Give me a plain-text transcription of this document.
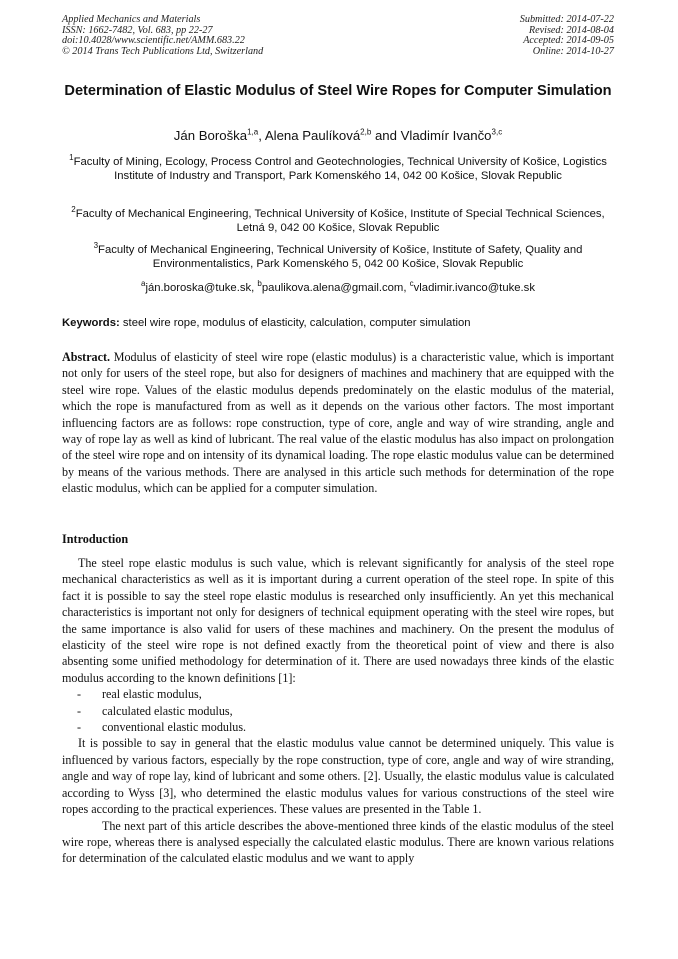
Applied Mechanics and Materials
ISSN: 1662-7482, Vol. 683, pp 22-27
doi:10.4028/www.scientific.net/AMM.683.22
© 2014 Trans Tech Publications Ltd, Switzerland
Submitted: 2014-07-22
Revised: 2014-08-04
Accepted: 2014-09-05
Online: 2014-10-27
Determination of Elastic Modulus of Steel Wire Ropes for Computer Simulation
Ján Boroška$^{1,a}$, Alena Paulíková$^{2,b}$ and Vladimír Ivančo$^{3,c}$
$^1$Faculty of Mining, Ecology, Process Control and Geotechnologies, Technical University of Košice, Logistics Institute of Industry and Transport, Park Komenského 14, 042 00 Košice, Slovak Republic
$^2$Faculty of Mechanical Engineering, Technical University of Košice, Institute of Special Technical Sciences, Letná 9, 042 00 Košice, Slovak Republic
$^3$Faculty of Mechanical Engineering, Technical University of Košice, Institute of Safety, Quality and Environmentalistics, Park Komenského 5, 042 00 Košice, Slovak Republic
$^a$ján.boroska@tuke.sk, $^b$paulikova.alena@gmail.com, $^c$vladimir.ivanco@tuke.sk
Keywords: steel wire rope, modulus of elasticity, calculation, computer simulation
Abstract. Modulus of elasticity of steel wire rope (elastic modulus) is a characteristic value, which is important not only for users of the steel rope, but also for designers of machines and machinery that are equipped with the steel wire rope. Values of the elastic modulus depends predominately on the elastic modulus of the material, which the rope is manufactured from as well as it depends on the various other factors. The most important influencing factors are as follows: rope construction, type of core, angle and way of wire stranding, angle and way of rope lay as well as kind of lubricant. The real value of the elastic modulus has also impact on prolongation of the steel wire rope and on intensity of its dynamical loading. The rope elastic modulus value can be determined by means of the various methods. There are analysed in this article such methods for determination of the rope elastic modulus, which can be applied for a computer simulation.
Introduction

The steel rope elastic modulus is such value, which is relevant significantly for analysis of the steel rope mechanical characteristics as well as it is important during a current operation of the steel rope. In spite of this fact it is possible to say the steel rope elastic modulus is researched only insufficiently. An yet this mechanical characteristics is important not only for designers of technical equipment operating with the steel wire ropes, but the same importance is also valid for users of these machines and machinery. On the present the modulus of elasticity of the steel wire rope is not defined exactly from the theoretical point of view and there is also absenting some unified methodology for determination of it. There are used nowadays three kinds of the elastic modulus according to the known definitions [1]:

- real elastic modulus,
- calculated elastic modulus,
- conventional elastic modulus.

It is possible to say in general that the elastic modulus value cannot be determined uniquely. This value is influenced by various factors, especially by the rope construction, type of core, angle and way of wire stranding, angle and way of rope lay, kind of lubricant and some others. [2]. Usually, the elastic modulus value is calculated according to Wyss [3], who determined the elastic modulus values for various constructions of the steel wire ropes according to the practical experiences. These values are presented in the Table 1.

The next part of this article describes the above-mentioned three kinds of the elastic modulus of the steel wire rope, whereas there is analysed especially the calculated elastic modulus. There are known various relations for determination of the calculated elastic modulus and we want to apply
